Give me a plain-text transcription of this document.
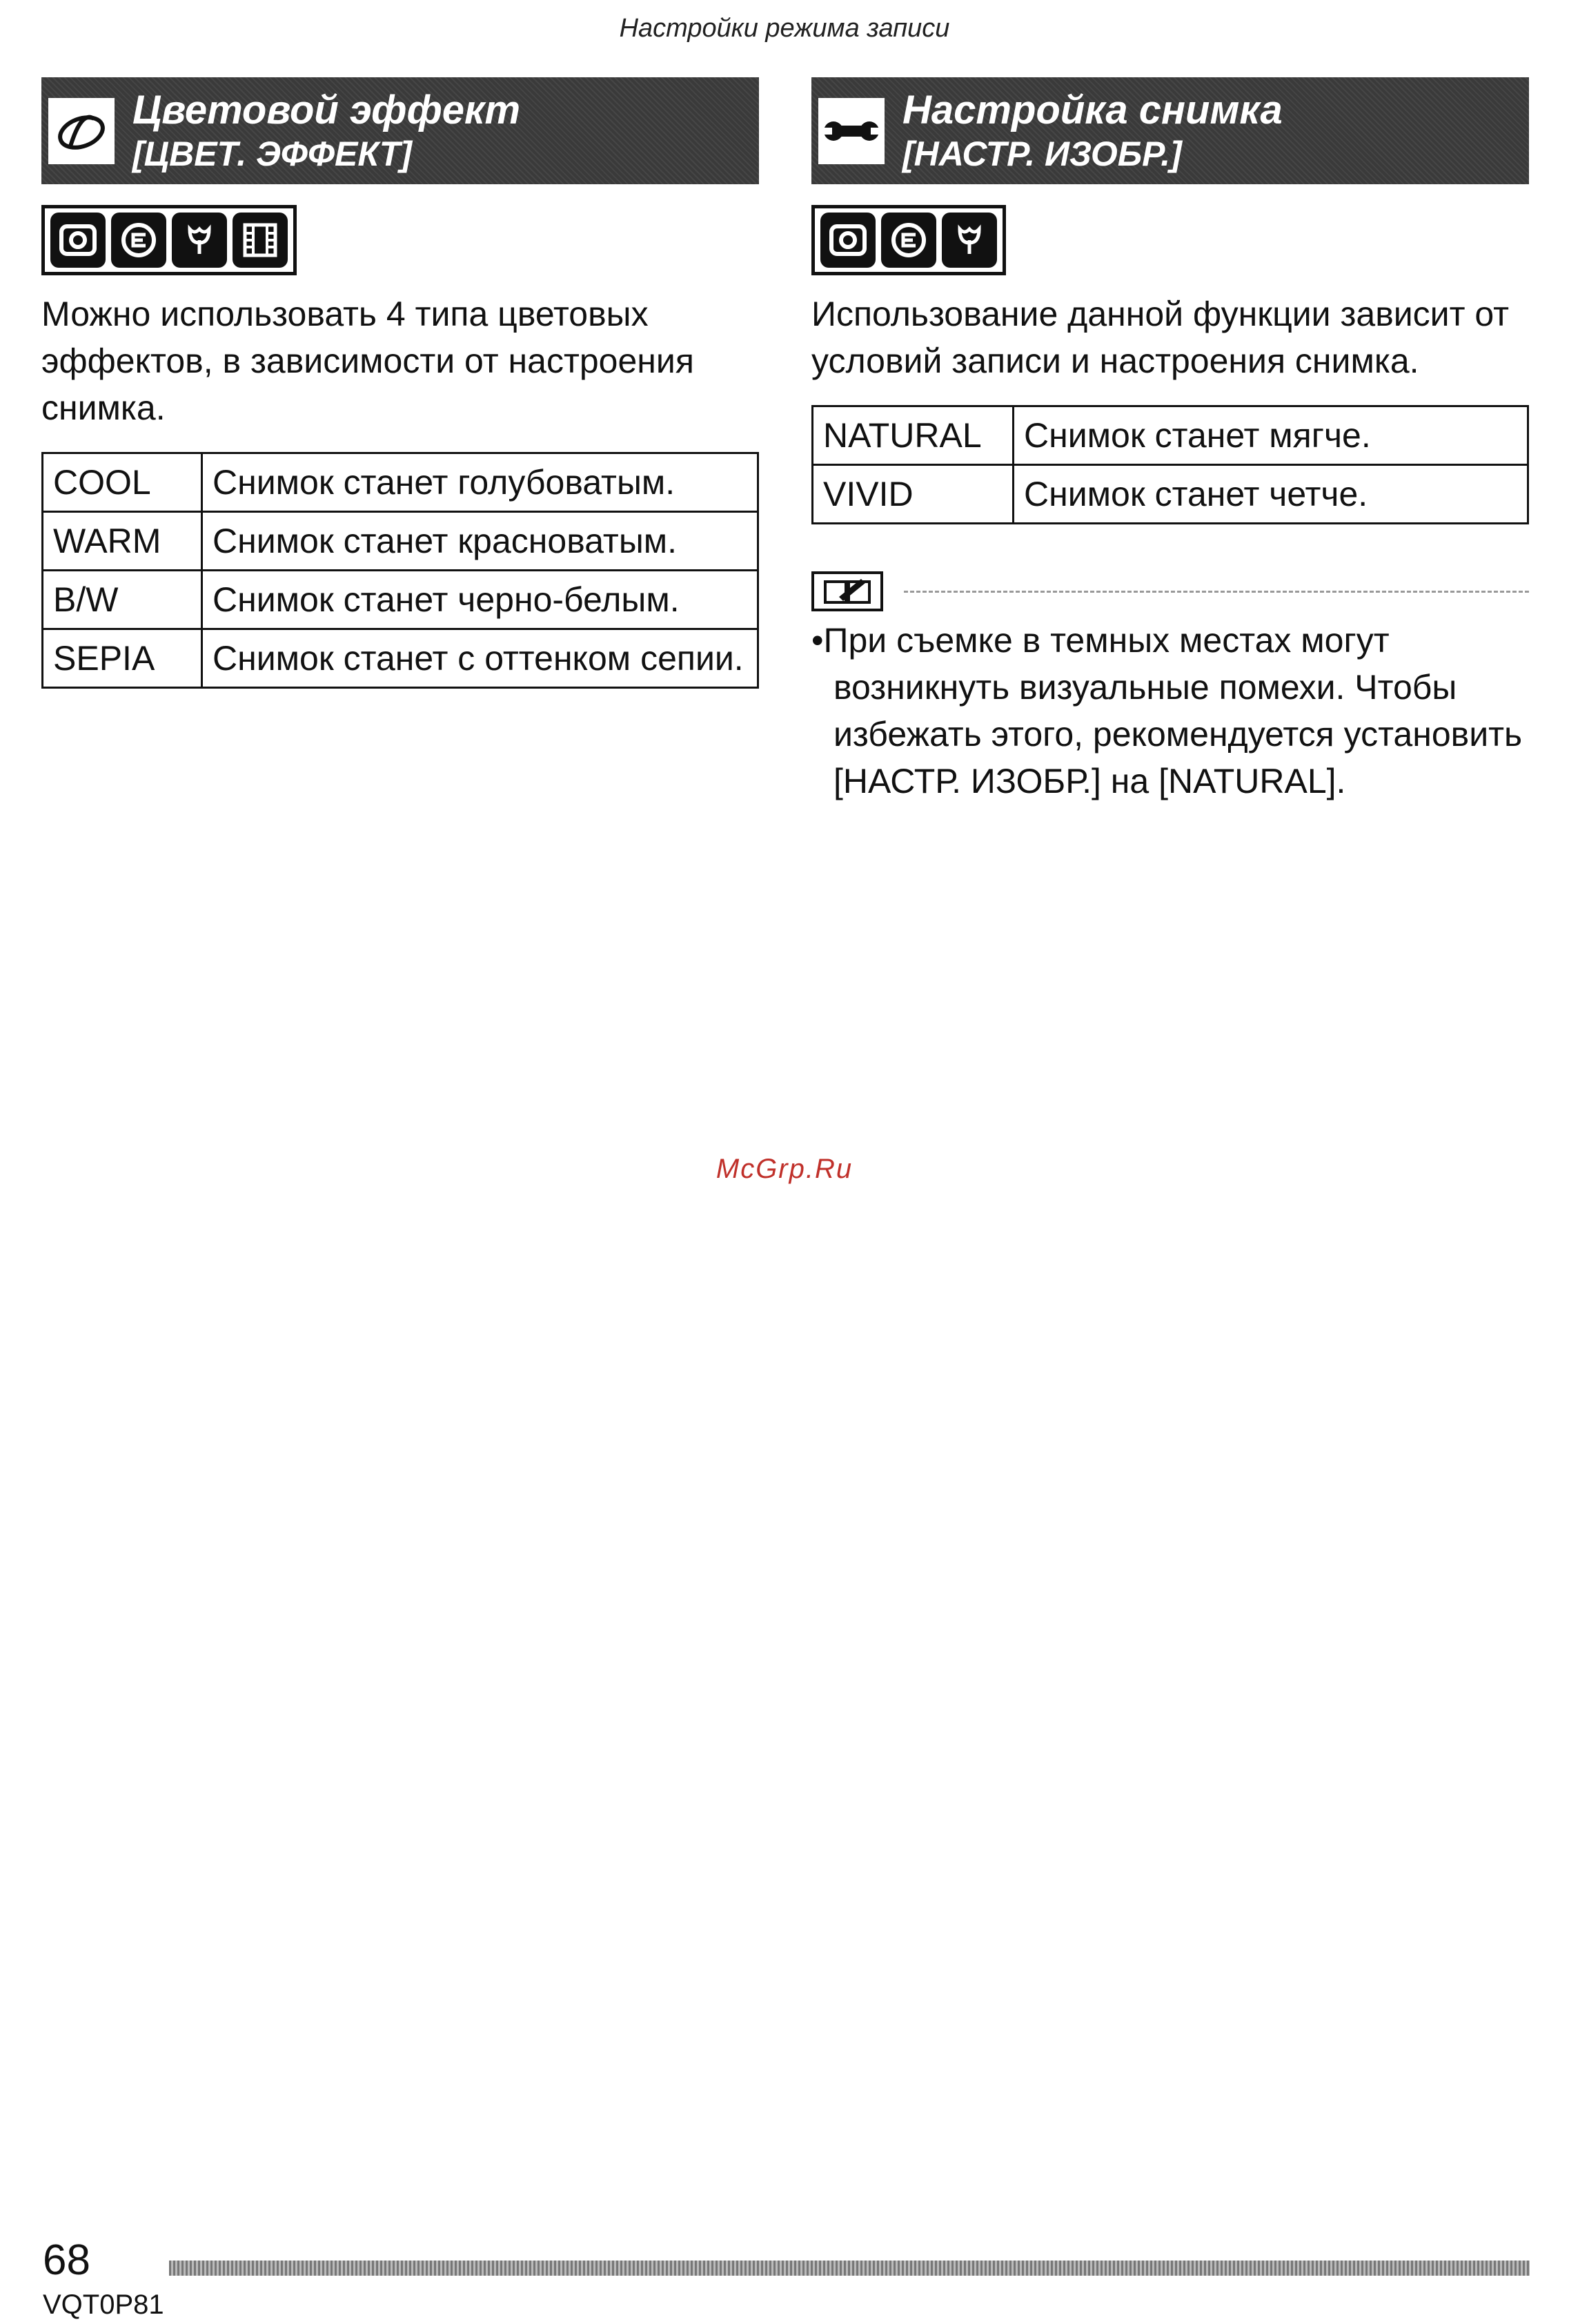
Настройки режима записи
Цветовой эффект
[ЦВЕТ. ЭФФЕКТ]
Можно использовать 4 типа цветовых эффектов, в зависимости от настроения снимка.
COOL	Снимок станет голубоватым.
WARM	Снимок станет красноватым.
B/W	Снимок станет черно-белым.
SEPIA	Снимок станет с оттенком сепии.
Настройка снимка
[НАСТР. ИЗОБР.]
Использование данной функции зависит от условий записи и настроения снимка.
NATURAL	Снимок станет мягче.
VIVID	Снимок станет четче.
•При съемке в темных местах могут возникнуть визуальные помехи. Чтобы избежать этого, рекомендуется установить [НАСТР. ИЗОБР.] на [NATURAL].
McGrp.Ru
68
VQT0P81
